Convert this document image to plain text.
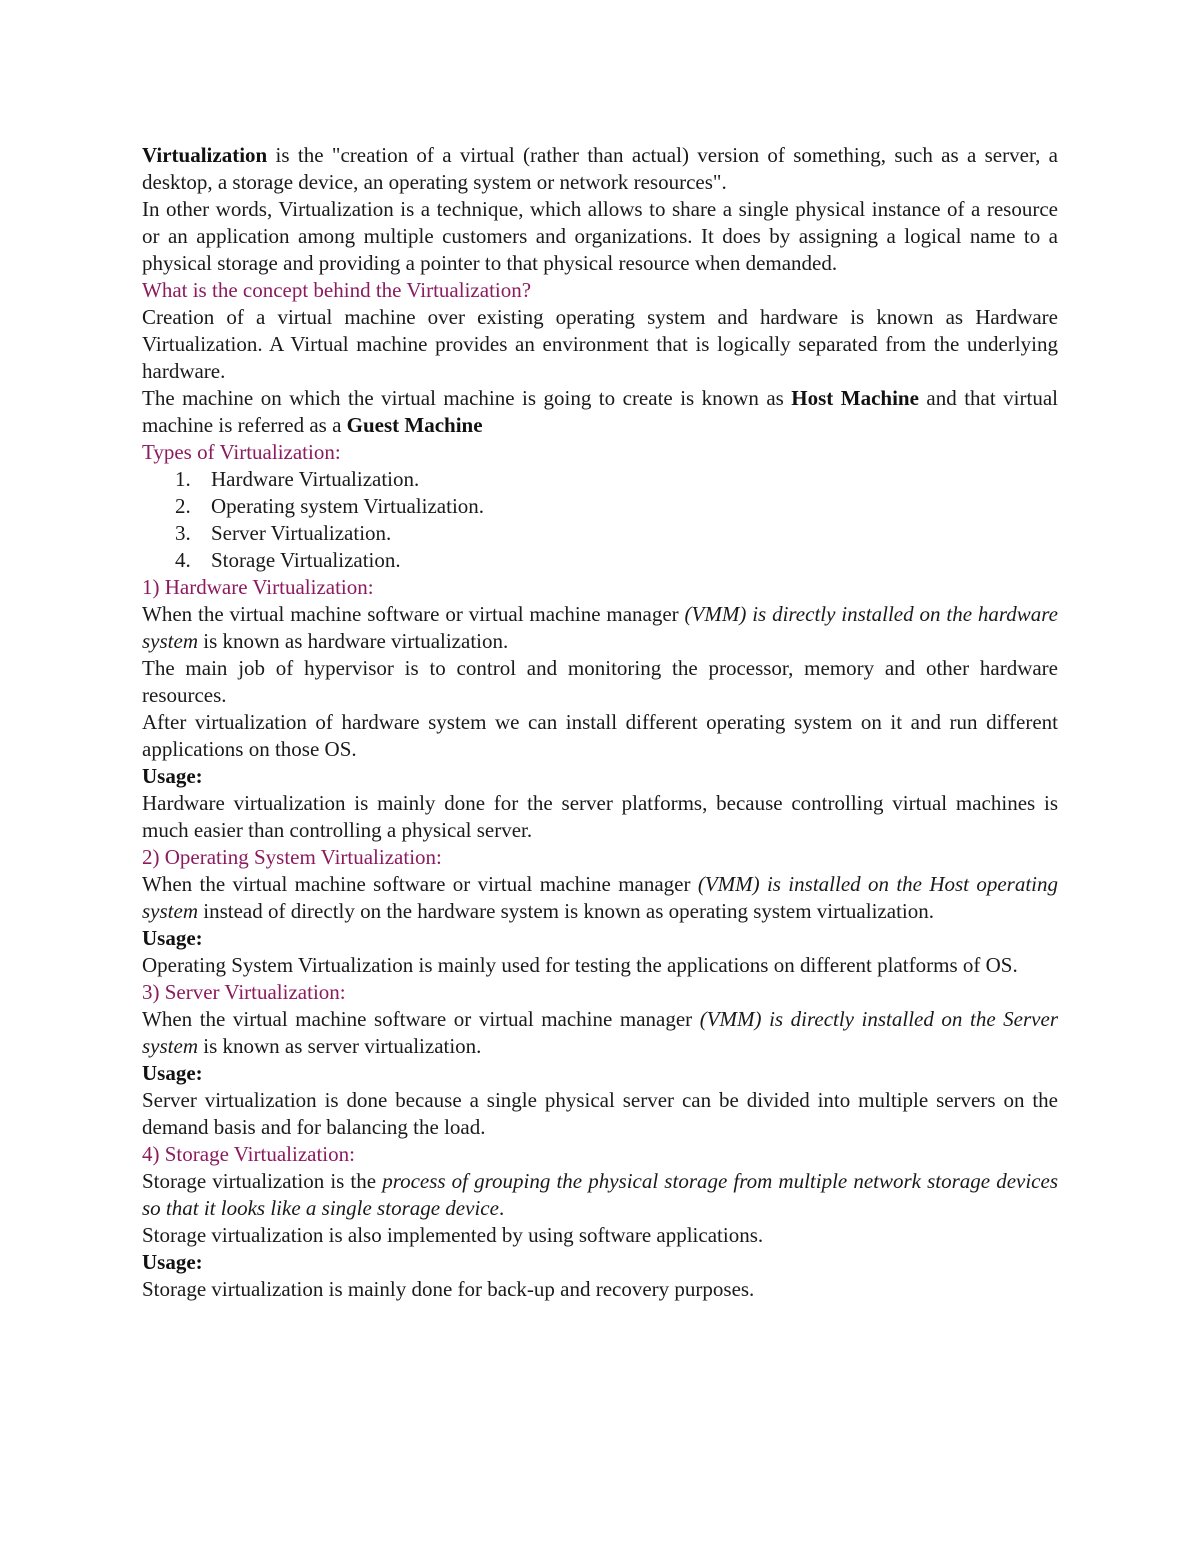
Virtualization is the "creation of a virtual (rather than actual) version of something, such as a server, a desktop, a storage device, an operating system or network resources".

In other words, Virtualization is a technique, which allows to share a single physical instance of a resource or an application among multiple customers and organizations. It does by assigning a logical name to a physical storage and providing a pointer to that physical resource when demanded.

What is the concept behind the Virtualization?

Creation of a virtual machine over existing operating system and hardware is known as Hardware Virtualization. A Virtual machine provides an environment that is logically separated from the underlying hardware.

The machine on which the virtual machine is going to create is known as Host Machine and that virtual machine is referred as a Guest Machine

Types of Virtualization:

1. Hardware Virtualization.
2. Operating system Virtualization.
3. Server Virtualization.
4. Storage Virtualization.

1) Hardware Virtualization:

When the virtual machine software or virtual machine manager (VMM) is directly installed on the hardware system is known as hardware virtualization.

The main job of hypervisor is to control and monitoring the processor, memory and other hardware resources.

After virtualization of hardware system we can install different operating system on it and run different applications on those OS.

Usage:

Hardware virtualization is mainly done for the server platforms, because controlling virtual machines is much easier than controlling a physical server.

2) Operating System Virtualization:

When the virtual machine software or virtual machine manager (VMM) is installed on the Host operating system instead of directly on the hardware system is known as operating system virtualization.

Usage:

Operating System Virtualization is mainly used for testing the applications on different platforms of OS.

3) Server Virtualization:

When the virtual machine software or virtual machine manager (VMM) is directly installed on the Server system is known as server virtualization.

Usage:

Server virtualization is done because a single physical server can be divided into multiple servers on the demand basis and for balancing the load.

4) Storage Virtualization:

Storage virtualization is the process of grouping the physical storage from multiple network storage devices so that it looks like a single storage device.

Storage virtualization is also implemented by using software applications.

Usage:

Storage virtualization is mainly done for back-up and recovery purposes.
